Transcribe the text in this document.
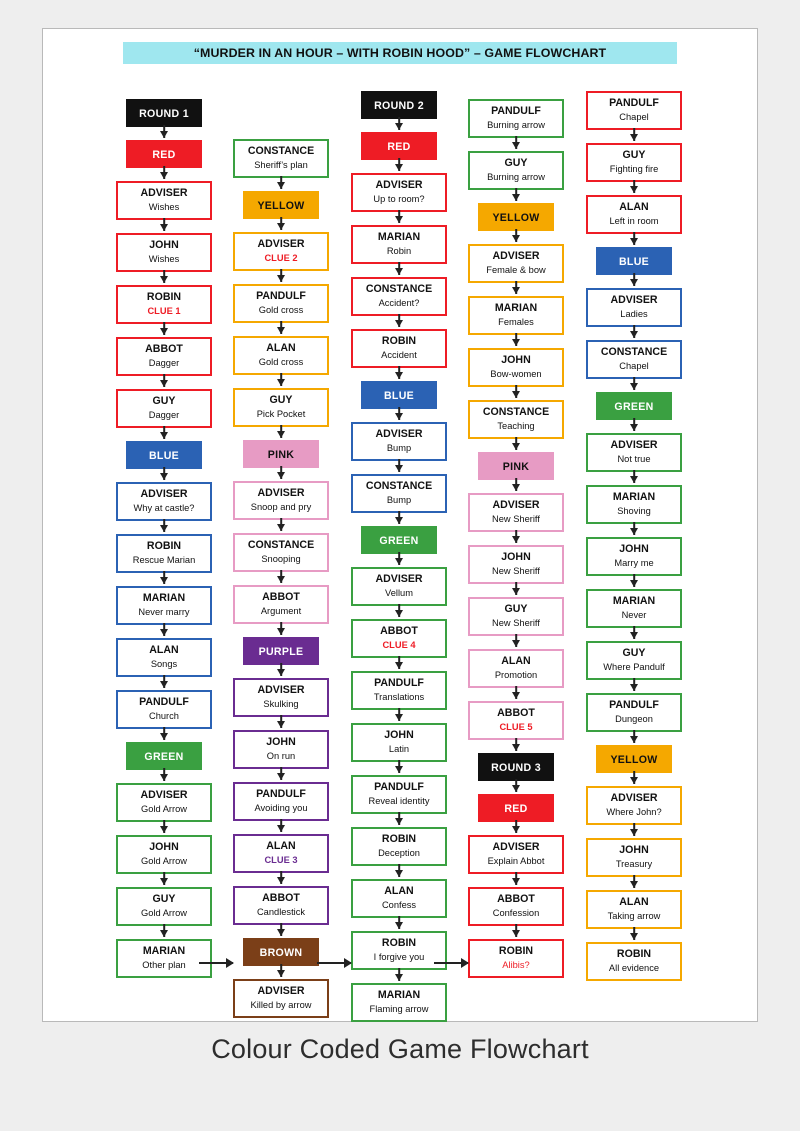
“MURDER IN AN HOUR – WITH ROBIN HOOD” – GAME FLOWCHART
ROUND 1
RED
ADVISER
Wishes
JOHN
Wishes
ROBIN
CLUE 1
ABBOT
Dagger
GUY
Dagger
BLUE
ADVISER
Why at castle?
ROBIN
Rescue Marian
MARIAN
Never marry
ALAN
Songs
PANDULF
Church
GREEN
ADVISER
Gold Arrow
JOHN
Gold Arrow
GUY
Gold Arrow
MARIAN
Other plan
CONSTANCE
Sheriff’s plan
YELLOW
ADVISER
CLUE 2
PANDULF
Gold cross
ALAN
Gold cross
GUY
Pick Pocket
PINK
ADVISER
Snoop and pry
CONSTANCE
Snooping
ABBOT
Argument
PURPLE
ADVISER
Skulking
JOHN
On run
PANDULF
Avoiding you
ALAN
CLUE 3
ABBOT
Candlestick
BROWN
ADVISER
Killed by arrow
ROUND 2
RED
ADVISER
Up to room?
MARIAN
Robin
CONSTANCE
Accident?
ROBIN
Accident
BLUE
ADVISER
Bump
CONSTANCE
Bump
GREEN
ADVISER
Vellum
ABBOT
CLUE 4
PANDULF
Translations
JOHN
Latin
PANDULF
Reveal identity
ROBIN
Deception
ALAN
Confess
ROBIN
I forgive you
MARIAN
Flaming arrow
PANDULF
Burning arrow
GUY
Burning arrow
YELLOW
ADVISER
Female & bow
MARIAN
Females
JOHN
Bow-women
CONSTANCE
Teaching
PINK
ADVISER
New Sheriff
JOHN
New Sheriff
GUY
New Sheriff
ALAN
Promotion
ABBOT
CLUE 5
ROUND 3
RED
ADVISER
Explain Abbot
ABBOT
Confession
ROBIN
Alibis?
PANDULF
Chapel
GUY
Fighting fire
ALAN
Left in room
BLUE
ADVISER
Ladies
CONSTANCE
Chapel
GREEN
ADVISER
Not true
MARIAN
Shoving
JOHN
Marry me
MARIAN
Never
GUY
Where Pandulf
PANDULF
Dungeon
YELLOW
ADVISER
Where John?
JOHN
Treasury
ALAN
Taking arrow
ROBIN
All evidence
Colour Coded Game Flowchart
